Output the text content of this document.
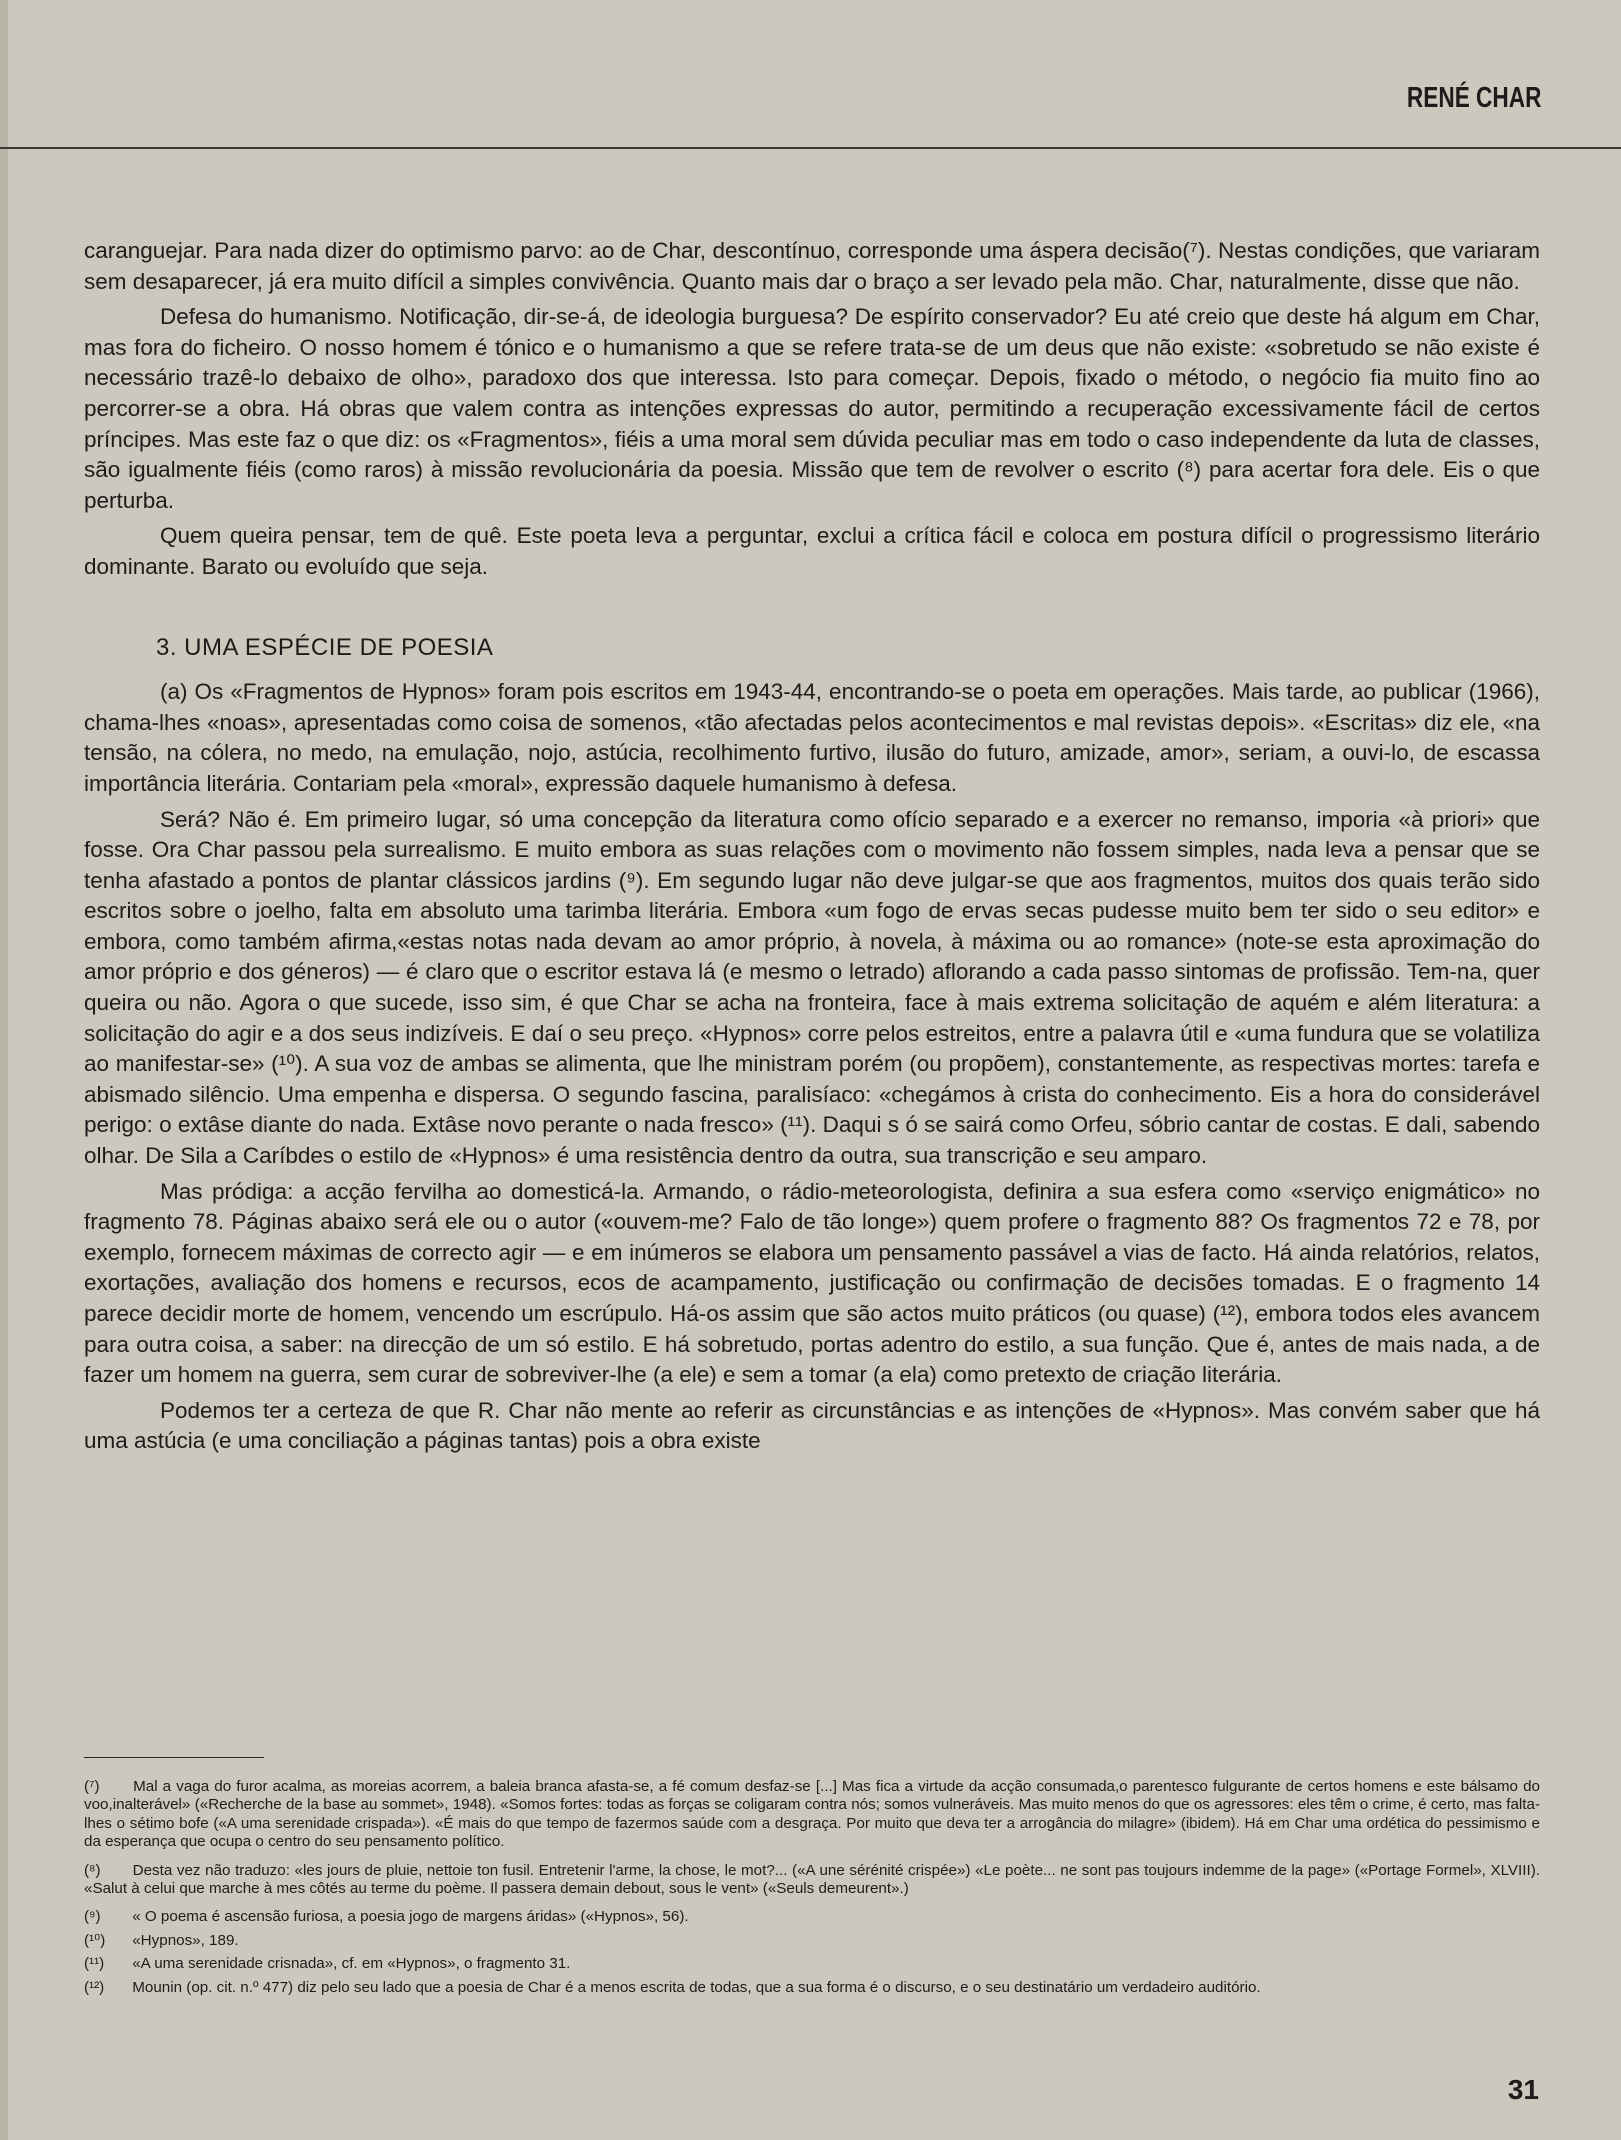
RENÉ CHAR

caranguejar. Para nada dizer do optimismo parvo: ao de Char, descontínuo, corresponde uma áspera decisão(⁷). Nestas condições, que variaram sem desaparecer, já era muito difícil a simples convivência. Quanto mais dar o braço a ser levado pela mão. Char, naturalmente, disse que não.

Defesa do humanismo. Notificação, dir-se-á, de ideologia burguesa? De espírito conservador? Eu até creio que deste há algum em Char, mas fora do ficheiro. O nosso homem é tónico e o humanismo a que se refere trata-se de um deus que não existe: «sobretudo se não existe é necessário trazê-lo debaixo de olho», paradoxo dos que interessa. Isto para começar. Depois, fixado o método, o negócio fia muito fino ao percorrer-se a obra. Há obras que valem contra as intenções expressas do autor, permitindo a recuperação excessivamente fácil de certos príncipes. Mas este faz o que diz: os «Fragmentos», fiéis a uma moral sem dúvida peculiar mas em todo o caso independente da luta de classes, são igualmente fiéis (como raros) à missão revolucionária da poesia. Missão que tem de revolver o escrito (⁸) para acertar fora dele. Eis o que perturba.

Quem queira pensar, tem de quê. Este poeta leva a perguntar, exclui a crítica fácil e coloca em postura difícil o progressismo literário dominante. Barato ou evoluído que seja.

3. UMA ESPÉCIE DE POESIA

(a) Os «Fragmentos de Hypnos» foram pois escritos em 1943-44, encontrando-se o poeta em operações. Mais tarde, ao publicar (1966), chama-lhes «noas», apresentadas como coisa de somenos, «tão afectadas pelos acontecimentos e mal revistas depois». «Escritas» diz ele, «na tensão, na cólera, no medo, na emulação, nojo, astúcia, recolhimento furtivo, ilusão do futuro, amizade, amor», seriam, a ouvi-lo, de escassa importância literária. Contariam pela «moral», expressão daquele humanismo à defesa.

Será? Não é. Em primeiro lugar, só uma concepção da literatura como ofício separado e a exercer no remanso, imporia «à priori» que fosse. Ora Char passou pela surrealismo. E muito embora as suas relações com o movimento não fossem simples, nada leva a pensar que se tenha afastado a pontos de plantar clássicos jardins (⁹). Em segundo lugar não deve julgar-se que aos fragmentos, muitos dos quais terão sido escritos sobre o joelho, falta em absoluto uma tarimba literária. Embora «um fogo de ervas secas pudesse muito bem ter sido o seu editor» e embora, como também afirma,«estas notas nada devam ao amor próprio, à novela, à máxima ou ao romance» (note-se esta aproximação do amor próprio e dos géneros) — é claro que o escritor estava lá (e mesmo o letrado) aflorando a cada passo sintomas de profissão. Tem-na, quer queira ou não. Agora o que sucede, isso sim, é que Char se acha na fronteira, face à mais extrema solicitação de aquém e além literatura: a solicitação do agir e a dos seus indizíveis. E daí o seu preço. «Hypnos» corre pelos estreitos, entre a palavra útil e «uma fundura que se volatiliza ao manifestar-se» (¹⁰). A sua voz de ambas se alimenta, que lhe ministram porém (ou propõem), constantemente, as respectivas mortes: tarefa e abismado silêncio. Uma empenha e dispersa. O segundo fascina, paralisíaco: «chegámos à crista do conhecimento. Eis a hora do considerável perigo: o extâse diante do nada. Extâse novo perante o nada fresco» (¹¹). Daqui s ó se sairá como Orfeu, sóbrio cantar de costas. E dali, sabendo olhar. De Sila a Caríbdes o estilo de «Hypnos» é uma resistência dentro da outra, sua transcrição e seu amparo.

Mas pródiga: a acção fervilha ao domesticá-la. Armando, o rádio-meteorologista, definira a sua esfera como «serviço enigmático» no fragmento 78. Páginas abaixo será ele ou o autor («ouvem-me? Falo de tão longe») quem profere o fragmento 88? Os fragmentos 72 e 78, por exemplo, fornecem máximas de correcto agir — e em inúmeros se elabora um pensamento passável a vias de facto. Há ainda relatórios, relatos, exortações, avaliação dos homens e recursos, ecos de acampamento, justificação ou confirmação de decisões tomadas. E o fragmento 14 parece decidir morte de homem, vencendo um escrúpulo. Há-os assim que são actos muito práticos (ou quase) (¹²), embora todos eles avancem para outra coisa, a saber: na direcção de um só estilo. E há sobretudo, portas adentro do estilo, a sua função. Que é, antes de mais nada, a de fazer um homem na guerra, sem curar de sobreviver-lhe (a ele) e sem a tomar (a ela) como pretexto de criação literária.

Podemos ter a certeza de que R. Char não mente ao referir as circunstâncias e as intenções de «Hypnos». Mas convém saber que há uma astúcia (e uma conciliação a páginas tantas) pois a obra existe

(⁷) Mal a vaga do furor acalma, as moreias acorrem, a baleia branca afasta-se, a fé comum desfaz-se [...] Mas fica a virtude da acção consumada,o parentesco fulgurante de certos homens e este bálsamo do voo,inalterável» («Recherche de la base au sommet», 1948). «Somos fortes: todas as forças se coligaram contra nós; somos vulneráveis. Mas muito menos do que os agressores: eles têm o crime, é certo, mas falta-lhes o sétimo bofe («A uma serenidade crispada»). «É mais do que tempo de fazermos saúde com a desgraça. Por muito que deva ter a arrogância do milagre» (ibidem). Há em Char uma ordética do pessimismo e da esperança que ocupa o centro do seu pensamento político.

(⁸) Desta vez não traduzo: «les jours de pluie, nettoie ton fusil. Entretenir l'arme, la chose, le mot?... («A une sérénité crispée») «Le poète... ne sont pas toujours indemme de la page» («Portage Formel», XLVIII). «Salut à celui que marche à mes côtés au terme du poème. Il passera demain debout, sous le vent» («Seuls demeurent».)

(⁹) « O poema é ascensão furiosa, a poesia jogo de margens áridas» («Hypnos», 56).

(¹⁰) «Hypnos», 189.

(¹¹) «A uma serenidade crisnada», cf. em «Hypnos», o fragmento 31.

(¹²) Mounin (op. cit. n.º 477) diz pelo seu lado que a poesia de Char é a menos escrita de todas, que a sua forma é o discurso, e o seu destinatário um verdadeiro auditório.

31
